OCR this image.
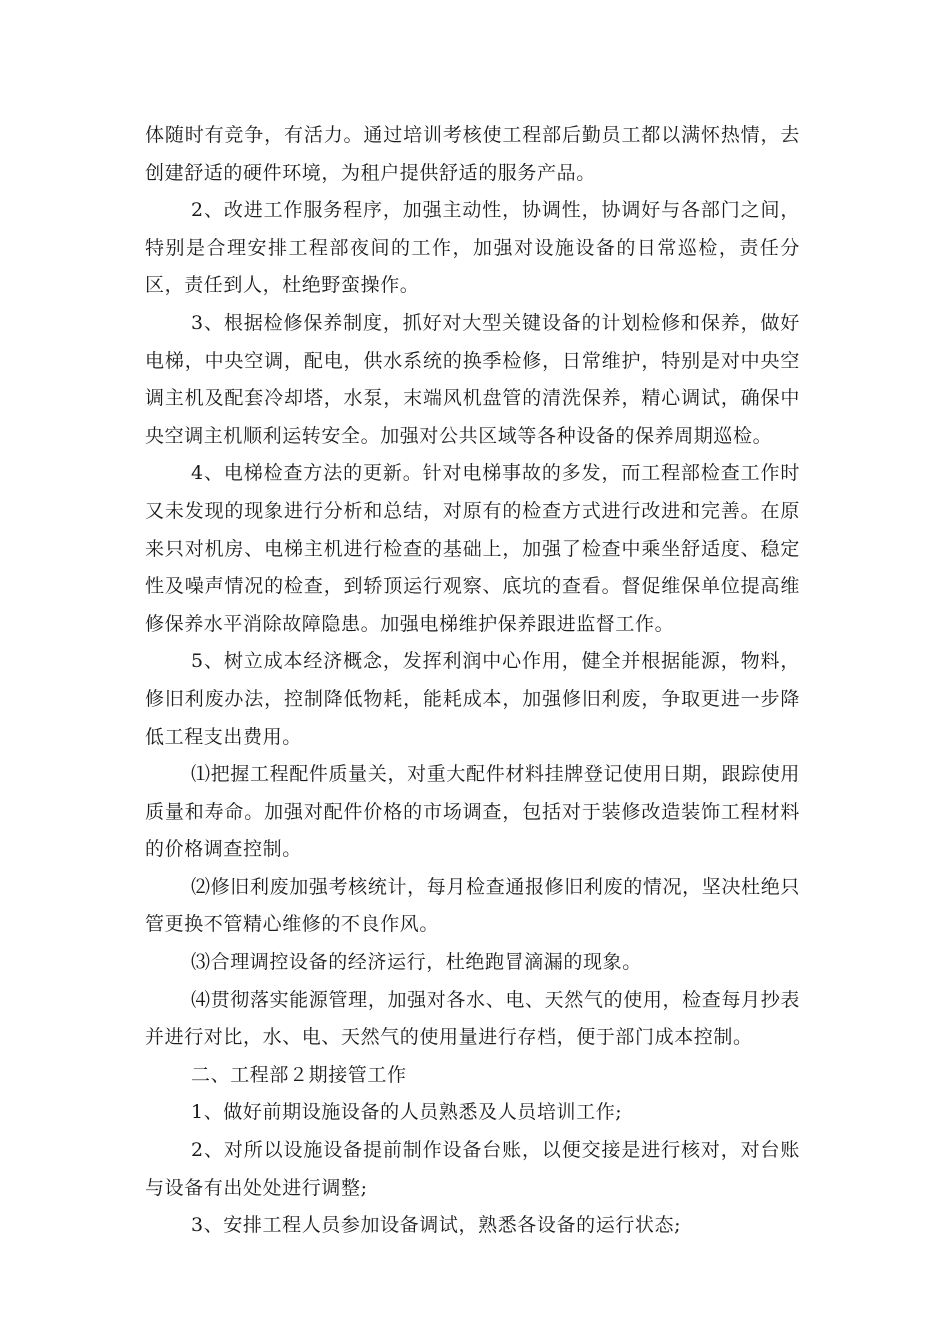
体随时有竞争，有活力。通过培训考核使工程部后勤员工都以满怀热情，去创建舒适的硬件环境，为租户提供舒适的服务产品。

2、改进工作服务程序，加强主动性，协调性，协调好与各部门之间，特别是合理安排工程部夜间的工作，加强对设施设备的日常巡检，责任分区，责任到人，杜绝野蛮操作。

3、根据检修保养制度，抓好对大型关键设备的计划检修和保养，做好电梯，中央空调，配电，供水系统的换季检修，日常维护，特别是对中央空调主机及配套冷却塔，水泵，末端风机盘管的清洗保养，精心调试，确保中央空调主机顺利运转安全。加强对公共区域等各种设备的保养周期巡检。

4、电梯检查方法的更新。针对电梯事故的多发，而工程部检查工作时又未发现的现象进行分析和总结，对原有的检查方式进行改进和完善。在原来只对机房、电梯主机进行检查的基础上，加强了检查中乘坐舒适度、稳定性及噪声情况的检查，到轿顶运行观察、底坑的查看。督促维保单位提高维修保养水平消除故障隐患。加强电梯维护保养跟进监督工作。

5、树立成本经济概念，发挥利润中心作用，健全并根据能源，物料，修旧利废办法，控制降低物耗，能耗成本，加强修旧利废，争取更进一步降低工程支出费用。

⑴把握工程配件质量关，对重大配件材料挂牌登记使用日期，跟踪使用质量和寿命。加强对配件价格的市场调查，包括对于装修改造装饰工程材料的价格调查控制。

⑵修旧利废加强考核统计，每月检查通报修旧利废的情况，坚决杜绝只管更换不管精心维修的不良作风。

⑶合理调控设备的经济运行，杜绝跑冒滴漏的现象。

⑷贯彻落实能源管理，加强对各水、电、天然气的使用，检查每月抄表并进行对比，水、电、天然气的使用量进行存档，便于部门成本控制。

二、工程部２期接管工作

1、做好前期设施设备的人员熟悉及人员培训工作;

2、对所以设施设备提前制作设备台账，以便交接是进行核对，对台账与设备有出处处进行调整;

3、安排工程人员参加设备调试，熟悉各设备的运行状态;
